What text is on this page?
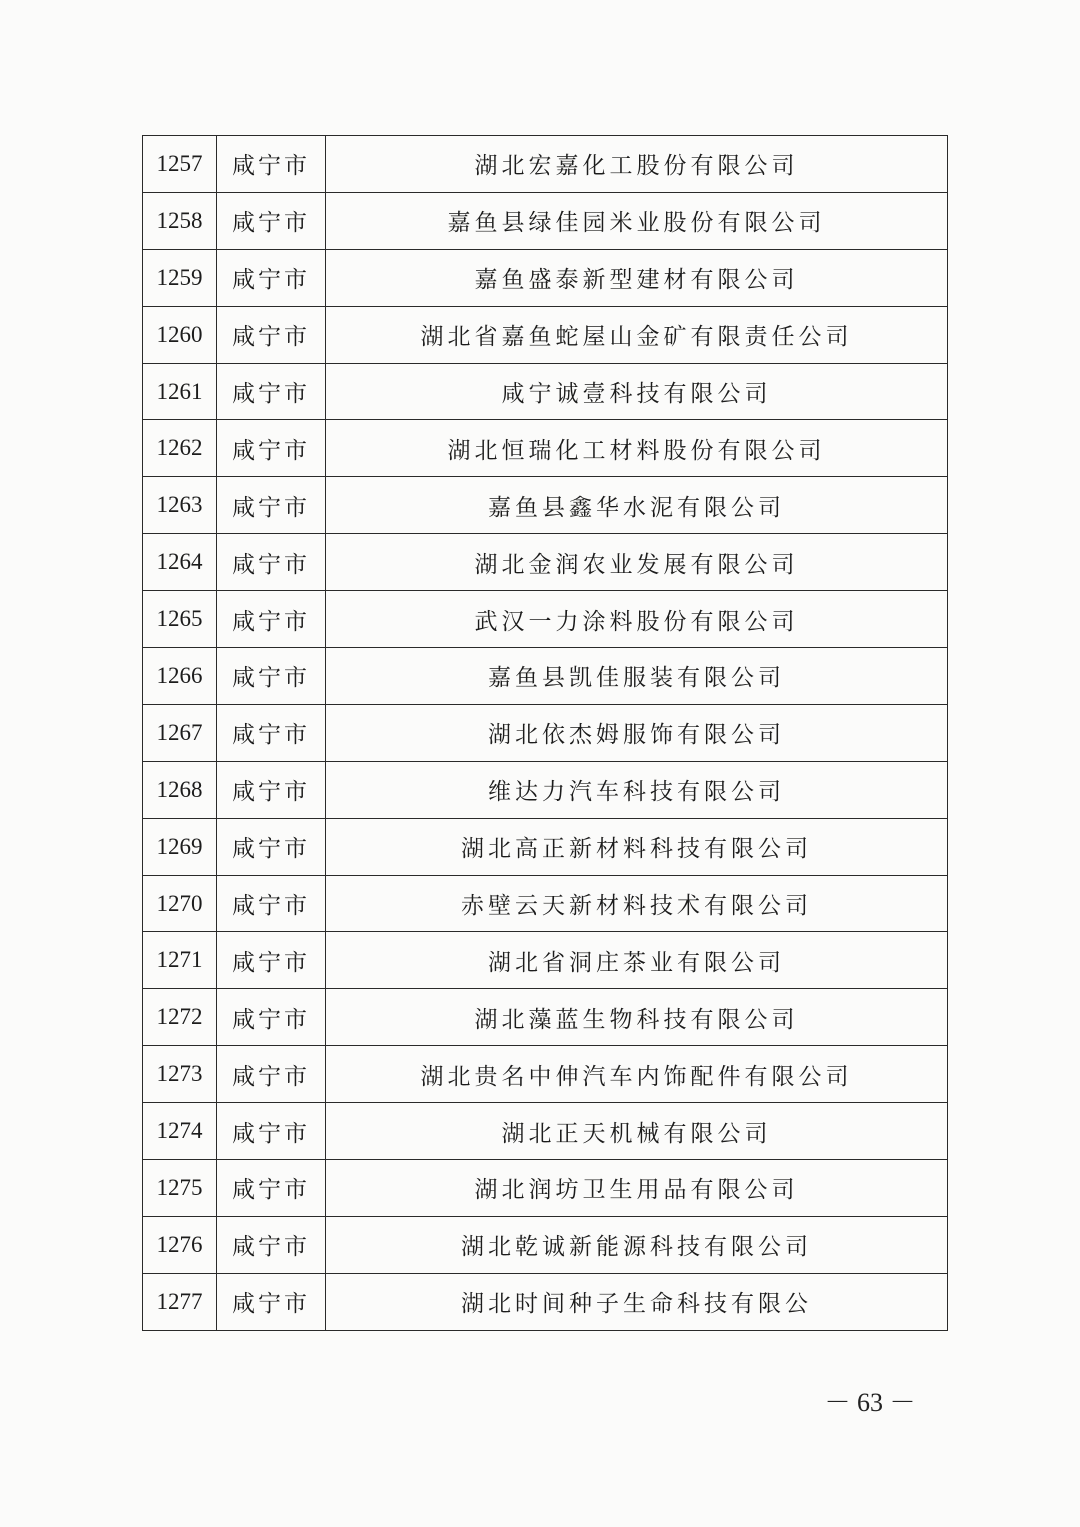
1257	咸宁市	湖北宏嘉化工股份有限公司
1258	咸宁市	嘉鱼县绿佳园米业股份有限公司
1259	咸宁市	嘉鱼盛泰新型建材有限公司
1260	咸宁市	湖北省嘉鱼蛇屋山金矿有限责任公司
1261	咸宁市	咸宁诚壹科技有限公司
1262	咸宁市	湖北恒瑞化工材料股份有限公司
1263	咸宁市	嘉鱼县鑫华水泥有限公司
1264	咸宁市	湖北金润农业发展有限公司
1265	咸宁市	武汉一力涂料股份有限公司
1266	咸宁市	嘉鱼县凯佳服装有限公司
1267	咸宁市	湖北依杰姆服饰有限公司
1268	咸宁市	维达力汽车科技有限公司
1269	咸宁市	湖北高正新材料科技有限公司
1270	咸宁市	赤壁云天新材料技术有限公司
1271	咸宁市	湖北省洞庄茶业有限公司
1272	咸宁市	湖北藻蓝生物科技有限公司
1273	咸宁市	湖北贵名中伸汽车内饰配件有限公司
1274	咸宁市	湖北正天机械有限公司
1275	咸宁市	湖北润坊卫生用品有限公司
1276	咸宁市	湖北乾诚新能源科技有限公司
1277	咸宁市	湖北时间种子生命科技有限公
－ 63 －
